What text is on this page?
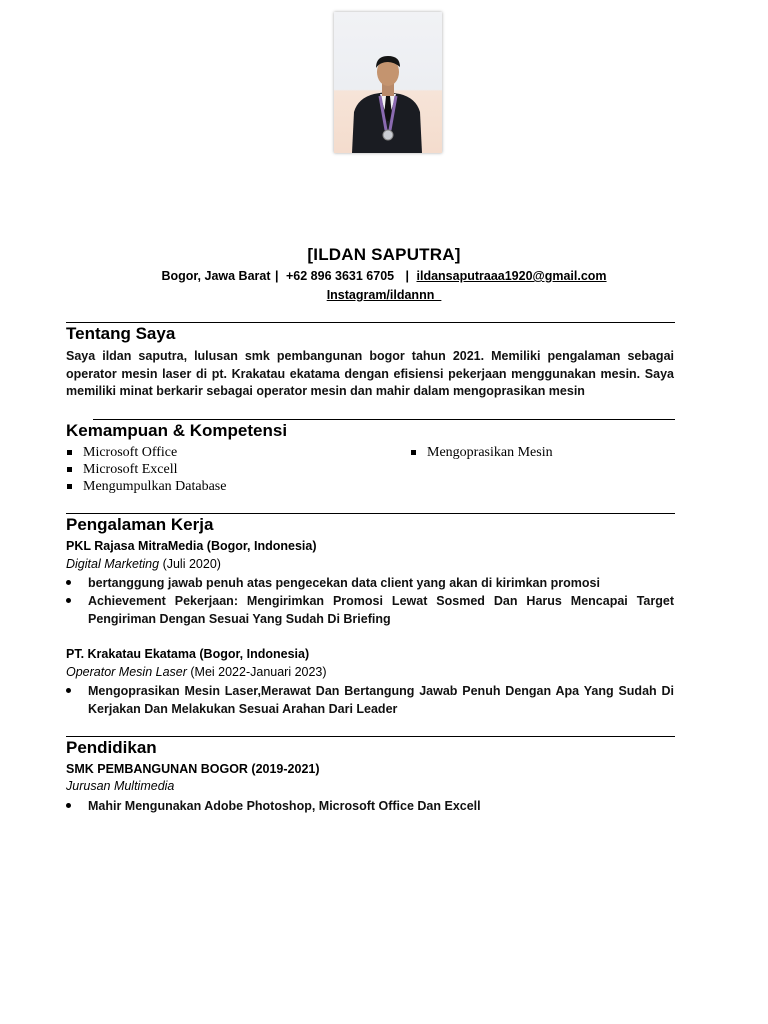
[ILDAN SAPUTRA]
Bogor, Jawa Barat | +62 896 3631 6705 | ildansaputraaa1920@gmail.com
Instagram/ildannn_
Tentang Saya
Saya ildan saputra, lulusan smk pembangunan bogor tahun 2021. Memiliki pengalaman sebagai operator mesin laser di pt. Krakatau ekatama dengan efisiensi pekerjaan menggunakan mesin. Saya memiliki minat berkarir sebagai operator mesin dan mahir dalam mengoprasikan mesin
Kemampuan & Kompetensi
Microsoft Office
Microsoft Excell
Mengumpulkan Database
Mengoprasikan Mesin
Pengalaman Kerja
PKL Rajasa MitraMedia (Bogor, Indonesia)
Digital Marketing (Juli 2020)
bertanggung jawab penuh atas pengecekan data client yang akan di kirimkan promosi
Achievement Pekerjaan: Mengirimkan Promosi Lewat Sosmed Dan Harus Mencapai Target Pengiriman Dengan Sesuai Yang Sudah Di Briefing
PT. Krakatau Ekatama (Bogor, Indonesia)
Operator Mesin Laser (Mei 2022-Januari 2023)
Mengoprasikan Mesin Laser,Merawat Dan Bertangung Jawab Penuh Dengan Apa Yang Sudah Di Kerjakan Dan Melakukan Sesuai Arahan Dari Leader
Pendidikan
SMK PEMBANGUNAN BOGOR (2019-2021)
Jurusan Multimedia
Mahir Mengunakan Adobe Photoshop, Microsoft Office Dan Excell
